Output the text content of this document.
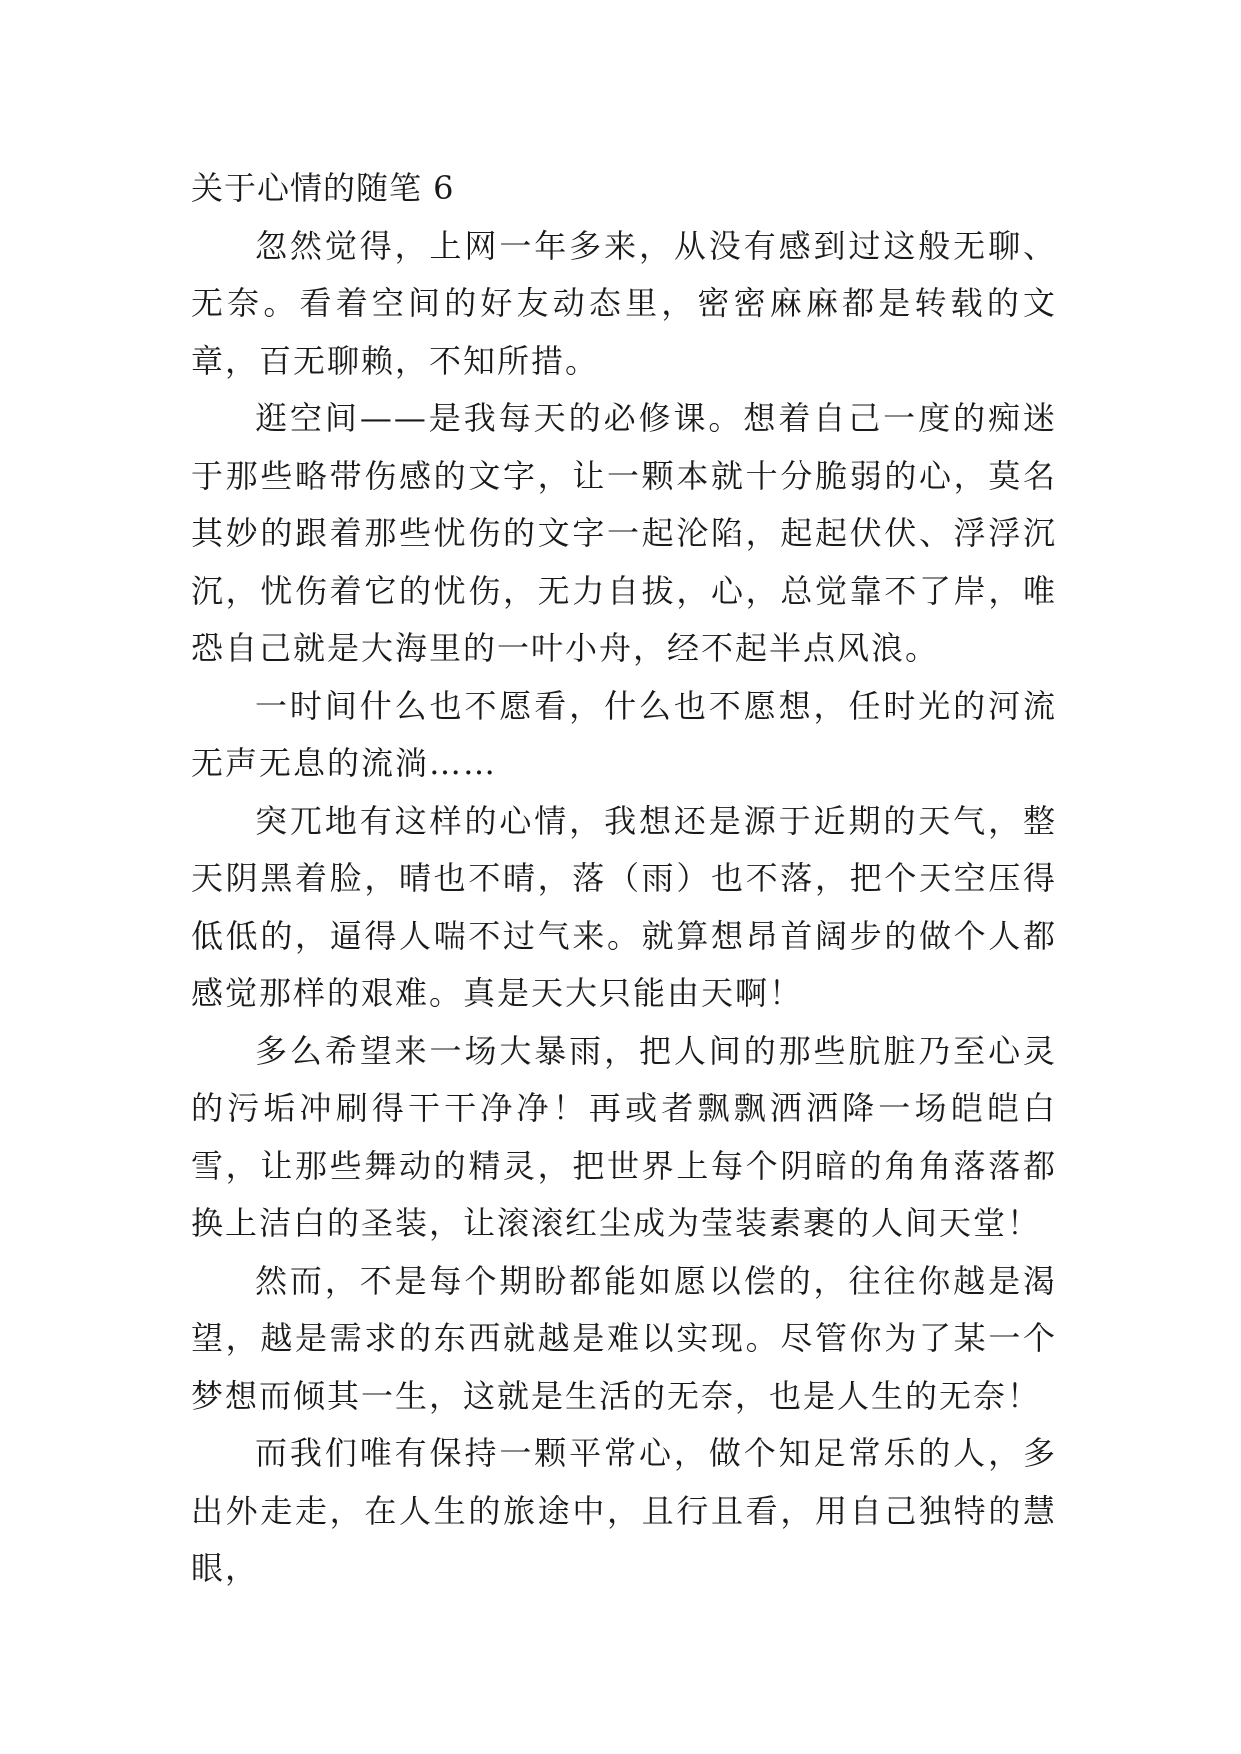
关于心情的随笔 6

忽然觉得，上网一年多来，从没有感到过这般无聊、无奈。看着空间的好友动态里，密密麻麻都是转载的文章，百无聊赖，不知所措。

逛空间——是我每天的必修课。想着自己一度的痴迷于那些略带伤感的文字，让一颗本就十分脆弱的心，莫名其妙的跟着那些忧伤的文字一起沦陷，起起伏伏、浮浮沉沉，忧伤着它的忧伤，无力自拔，心，总觉靠不了岸，唯恐自己就是大海里的一叶小舟，经不起半点风浪。

一时间什么也不愿看，什么也不愿想，任时光的河流无声无息的流淌……

突兀地有这样的心情，我想还是源于近期的天气，整天阴黑着脸，晴也不晴，落（雨）也不落，把个天空压得低低的，逼得人喘不过气来。就算想昂首阔步的做个人都感觉那样的艰难。真是天大只能由天啊！

多么希望来一场大暴雨，把人间的那些肮脏乃至心灵的污垢冲刷得干干净净！再或者飘飘洒洒降一场皑皑白雪，让那些舞动的精灵，把世界上每个阴暗的角角落落都换上洁白的圣装，让滚滚红尘成为莹装素裹的人间天堂！

然而，不是每个期盼都能如愿以偿的，往往你越是渴望，越是需求的东西就越是难以实现。尽管你为了某一个梦想而倾其一生，这就是生活的无奈，也是人生的无奈！

而我们唯有保持一颗平常心，做个知足常乐的人，多出外走走，在人生的旅途中，且行且看，用自己独特的慧眼，
